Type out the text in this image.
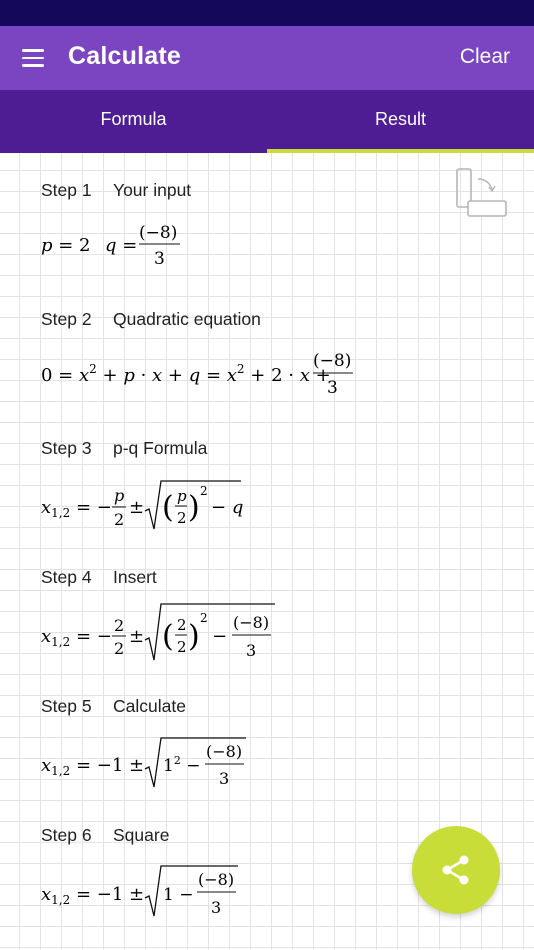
Calculate	Clear
Formula	Result
Step 1 Your input
p = 2 q =
(−8)
3
Step 2 Quadratic equation
$0 = x^2 + p \cdot x + q = x^2 + 2 \cdot x$ +
(−8)
3
Step 3 p-q Formula
$x_{1,2}$ = −
p
2
± ( p
2 ) 2
− q
Step 4 Insert
$x_{1,2}$ = −
2
2
± ( 2
2 )
2
−
(−8)
3
Step 5 Calculate
$x_{1,2} = -1 \pm 1^2$ −
(−8)
3
Step 6 Square
$x_{1,2} = -1 \pm 1$ −
(−8)
3
